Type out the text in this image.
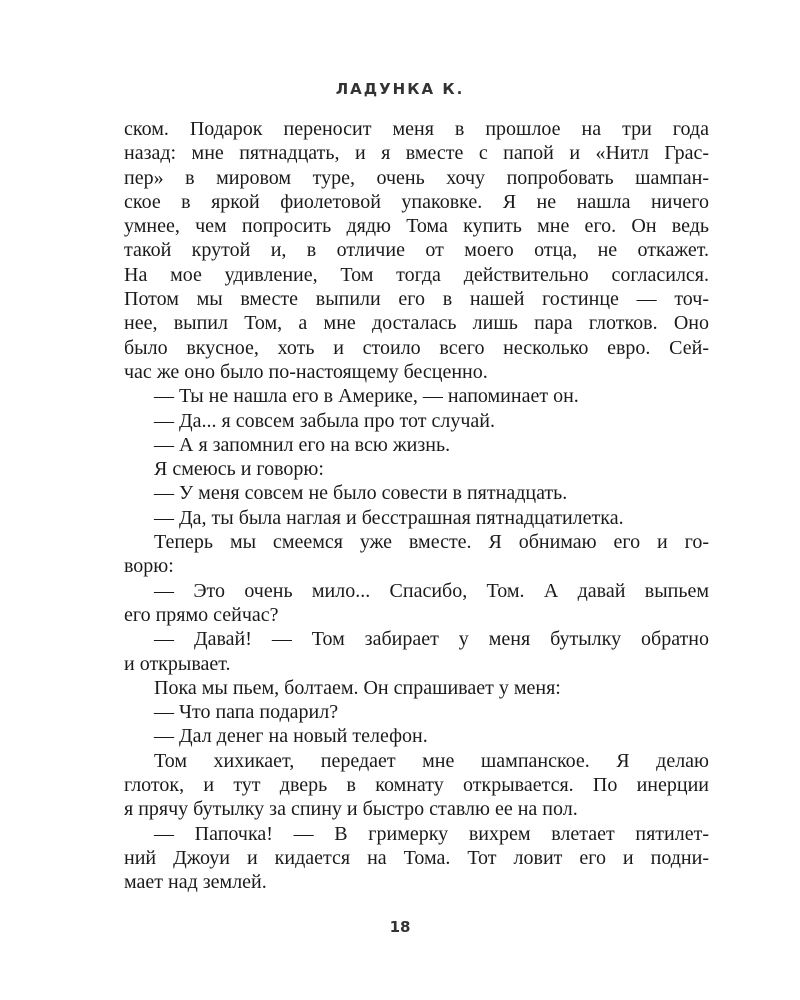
ЛАДУНКА К.
ском. Подарок переносит меня в прошлое на три года
назад: мне пятнадцать, и я вместе с папой и «Нитл Грас-
пер» в мировом туре, очень хочу попробовать шампан-
ское в яркой фиолетовой упаковке. Я не нашла ничего
умнее, чем попросить дядю Тома купить мне его. Он ведь
такой крутой и, в отличие от моего отца, не откажет.
На мое удивление, Том тогда действительно согласился.
Потом мы вместе выпили его в нашей гостинце — точ-
нее, выпил Том, а мне досталась лишь пара глотков. Оно
было вкусное, хоть и стоило всего несколько евро. Сей-
час же оно было по-настоящему бесценно.
— Ты не нашла его в Америке, — напоминает он.
— Да... я совсем забыла про тот случай.
— А я запомнил его на всю жизнь.
Я смеюсь и говорю:
— У меня совсем не было совести в пятнадцать.
— Да, ты была наглая и бесстрашная пятнадцатилетка.
Теперь мы смеемся уже вместе. Я обнимаю его и го-
ворю:
— Это очень мило... Спасибо, Том. А давай выпьем
его прямо сейчас?
— Давай! — Том забирает у меня бутылку обратно
и открывает.
Пока мы пьем, болтаем. Он спрашивает у меня:
— Что папа подарил?
— Дал денег на новый телефон.
Том хихикает, передает мне шампанское. Я делаю
глоток, и тут дверь в комнату открывается. По инерции
я прячу бутылку за спину и быстро ставлю ее на пол.
— Папочка! — В гримерку вихрем влетает пятилет-
ний Джоуи и кидается на Тома. Тот ловит его и подни-
мает над землей.
18
